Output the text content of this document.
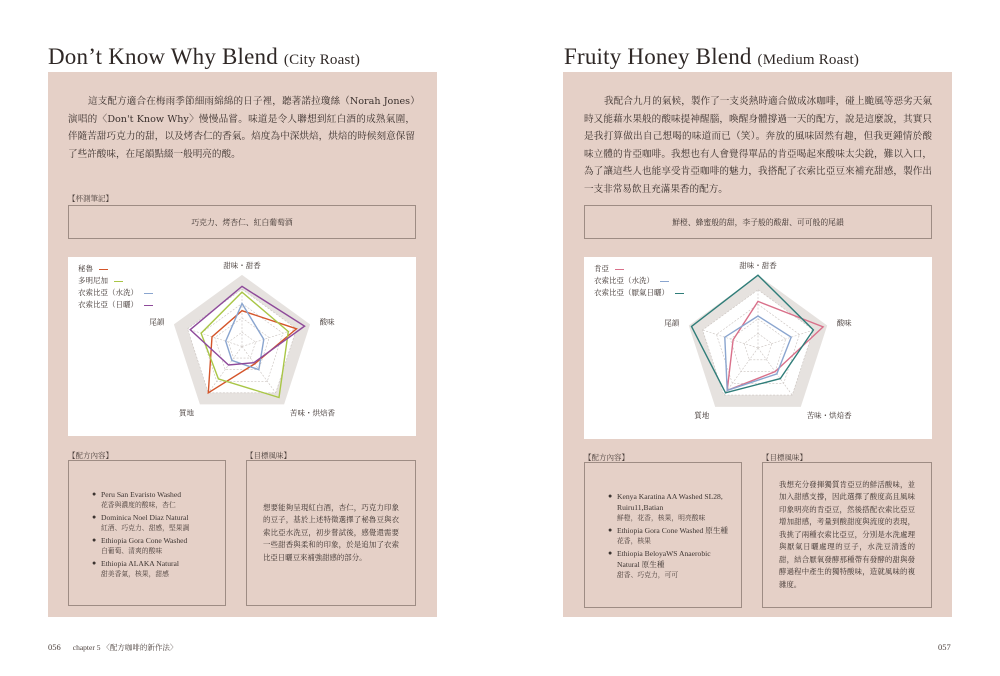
Don’t Know Why Blend (City Roast)

這支配方適合在梅雨季節細雨綿綿的日子裡，聽著諾拉瓊絲（Norah Jones）演唱的〈Don't Know Why〉慢慢品嘗。味道是令人聯想到紅白酒的成熟氣圍，伴隨苦甜巧克力的甜，以及烤杏仁的香氣。焙度為中深烘焙，烘焙的時候刻意保留了些許酸味，在尾韻點綴一般明亮的酸。

【杯測筆記】
巧克力、烤杏仁、紅白葡萄酒
甜味・甜香
酸味
苦味・烘焙香
質地
尾韻
秘魯
多明尼加
衣索比亞（水洗）
衣索比亞（日曬）
【配方內容】
● Peru San Evaristo Washed
花香與濃度的酸味，杏仁
● Dominica Noel Diaz Natural
紅酒、巧克力、甜感，堅果調
● Ethiopia Gora Cone Washed
白葡萄、清爽的酸味
● Ethiopia ALAKA Natural
甜美香氣，核果，甜感
【目標風味】
想要能夠呈現紅白酒，杏仁，巧克力印象的豆子，基於上述特徵選擇了秘魯豆與衣索比亞水洗豆，初步嘗試後，感覺還需要一些甜香與柔和的印象，於是追加了衣索比亞日曬豆來補強甜感的部分。
056 chapter 5 〈配方咖啡的新作法〉
Fruity Honey Blend (Medium Roast)

我配合九月的氣候，製作了一支炎熱時適合做成冰咖啡，碰上颱風等惡劣天氣時又能藉水果般的酸味提神醒腦，喚醒身體撐過一天的配方，說是這麼說，其實只是我打算做出自己想喝的味道而已（笑）。奔放的風味固然有趣，但我更鍾情於酸味立體的肯亞咖啡。我想也有人會覺得單品的肯亞喝起來酸味太尖銳，難以入口，為了讓這些人也能享受肯亞咖啡的魅力，我搭配了衣索比亞豆來補充甜感，製作出一支非常易飲且充滿果香的配方。

鮮橙、蜂蜜般的甜，李子般的酸甜、可可般的尾韻
甜味・甜香
酸味
苦味・烘焙香
質地
尾韻
肯亞
衣索比亞（水洗）
衣索比亞（厭氣日曬）
【配方內容】
● Kenya Karatina AA Washed SL28, Ruiru11,Batian
鮮橙，花香，核果，明亮酸味
● Ethiopia Gora Cone Washed 原生種
花香，核果
● Ethiopia BeloyaWS Anaerobic Natural 原生種
甜香、巧克力，可可
【目標風味】
我想充分發揮獨質肯亞豆的鮮活酸味，並加入甜感支撐，因此選擇了酸度高且風味印象明亮的肯亞豆，然後搭配衣索比亞豆增加甜感，考量到酸甜度與流度的表現，我挑了兩種衣索比亞豆，分別是水洗處理與厭氣日曬處理的豆子，水洗豆清透的甜，結合厭氧發酵那種帶有發酵的甜與發酵過程中產生的獨特酸味，造就風味的複雜度。
057
